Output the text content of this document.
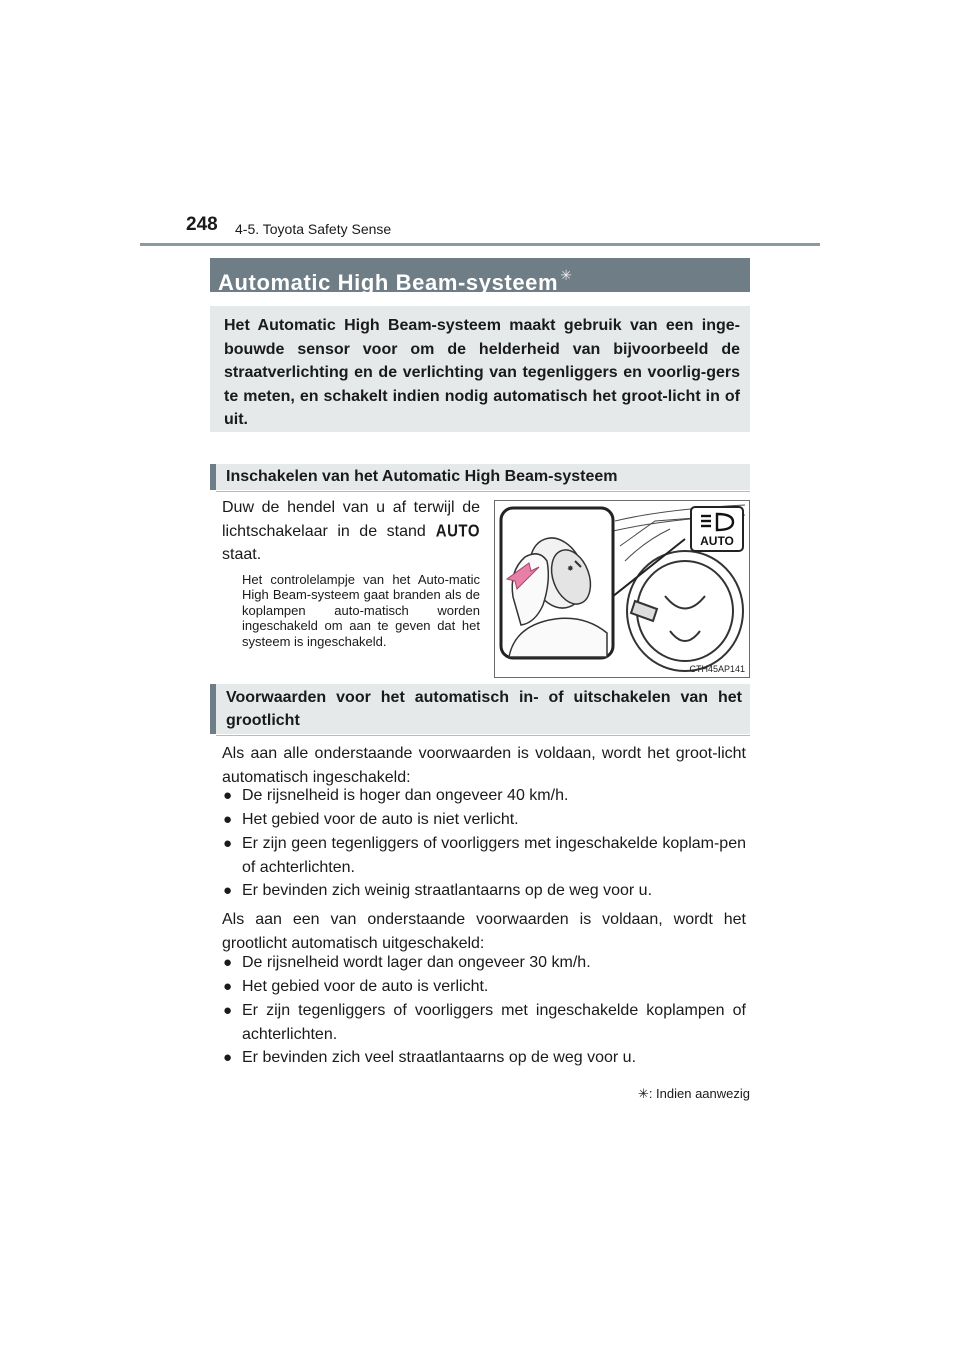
248 4-5. Toyota Safety Sense
Automatic High Beam-systeem ✳
Het Automatic High Beam-systeem maakt gebruik van een inge-bouwde sensor voor om de helderheid van bijvoorbeeld de straatverlichting en de verlichting van tegenliggers en voorlig-gers te meten, en schakelt indien nodig automatisch het groot-licht in of uit.
Inschakelen van het Automatic High Beam-systeem
Duw de hendel van u af terwijl de lichtschakelaar in de stand AUTO staat.
Het controlelampje van het Auto-matic High Beam-systeem gaat branden als de koplampen auto-matisch worden ingeschakeld om aan te geven dat het systeem is ingeschakeld.
✸
AUTO
CTH45AP141
Voorwaarden voor het automatisch in- of uitschakelen van het grootlicht
Als aan alle onderstaande voorwaarden is voldaan, wordt het groot-licht automatisch ingeschakeld:
● De rijsnelheid is hoger dan ongeveer 40 km/h.
● Het gebied voor de auto is niet verlicht.
● Er zijn geen tegenliggers of voorliggers met ingeschakelde koplam-pen of achterlichten.
● Er bevinden zich weinig straatlantaarns op de weg voor u.
Als aan een van onderstaande voorwaarden is voldaan, wordt het grootlicht automatisch uitgeschakeld:
● De rijsnelheid wordt lager dan ongeveer 30 km/h.
● Het gebied voor de auto is verlicht.
● Er zijn tegenliggers of voorliggers met ingeschakelde koplampen of achterlichten.
● Er bevinden zich veel straatlantaarns op de weg voor u.
✳: Indien aanwezig
